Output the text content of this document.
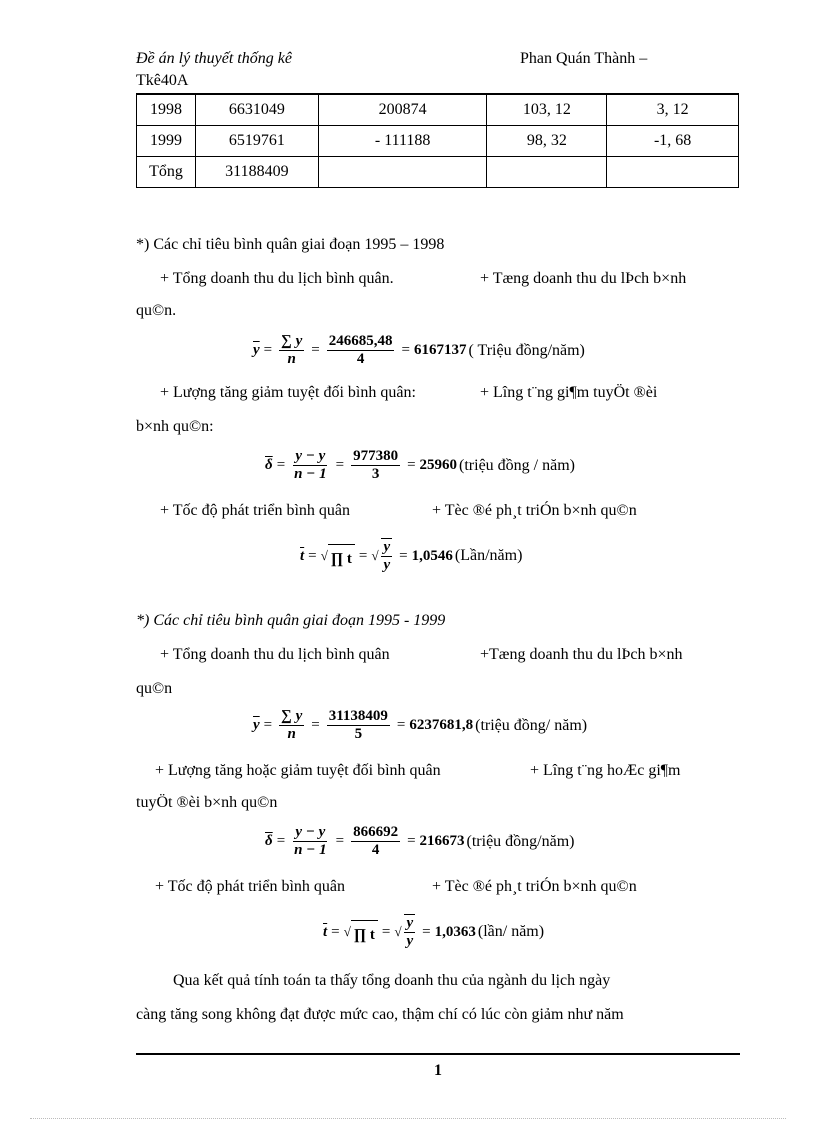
Đề án lý thuyết thống kê	Phan Quán Thành –
Tkê40A
1998	6631049	200874	103, 12	3, 12
1999	6519761	- 111188	98, 32	-1, 68
Tổng	31188409			
*) Các chỉ tiêu bình quân giai đoạn 1995 – 1998
+ Tổng doanh thu du lịch bình quân.	+ Tæng doanh thu du lÞch b×nh
qu©n.
$\overline{y} = \frac{\sum y}{n} = \frac{246685,48}{4} = 6167137$ ( Triệu đồng/năm)
+ Lượng tăng giảm tuyệt đối bình quân:	+ Lîng t¨ng gi¶m tuyÖt ®èi
b×nh qu©n:
$\overline{\delta} = \frac{y - y}{n - 1} = \frac{977380}{3} = 25960$ (triệu đồng / năm)
+ Tốc độ phát triển bình quân	+ Tèc ®é ph¸t triÓn b×nh qu©n
$\overline{t}$ = √ ∏ t = √ $\frac{y}{y} = 1,0546$ (Lần/năm)
*) Các chỉ tiêu bình quân giai đoạn 1995 - 1999
+ Tổng doanh thu du lịch bình quân	+Tæng doanh thu du lÞch b×nh
qu©n
$\overline{y} = \frac{\sum y}{n} = \frac{31138409}{5} = 6237681,8$ (triệu đồng/ năm)
+ Lượng tăng hoặc giảm tuyệt đối bình quân	+ Lîng t¨ng hoÆc gi¶m
tuyÖt ®èi b×nh qu©n
$\overline{\delta} = \frac{y - y}{n - 1} = \frac{866692}{4} = 216673$ (triệu đồng/năm)
+ Tốc độ phát triển bình quân	+ Tèc ®é ph¸t triÓn b×nh qu©n
$\overline{t}$ = √ ∏ t = √ $\frac{y}{y} = 1,0363$ (lần/ năm)
Qua kết quả tính toán ta thấy tổng doanh thu của ngành du lịch ngày
càng tăng song không đạt được mức cao, thậm chí có lúc còn giảm như năm
1
